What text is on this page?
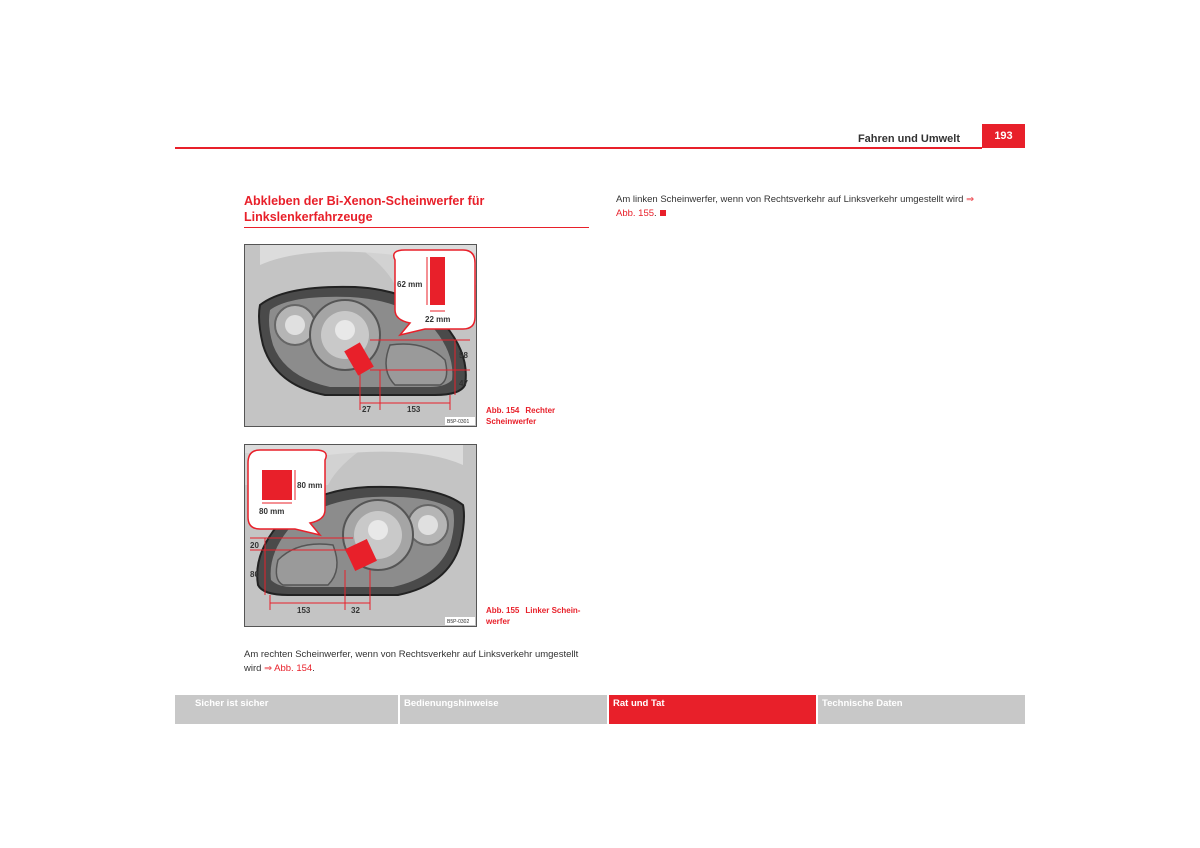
Fahren und Umwelt	193
Abkleben der Bi-Xenon-Scheinwerfer für Linkslenkerfahrzeuge
62 mm
22 mm
58
47
27	153
B5P-0301
Abb. 154 Rechter Scheinwerfer
80 mm
80 mm
20
80
153	32
B5P-0302
Abb. 155 Linker Schein-werfer
Am rechten Scheinwerfer, wenn von Rechtsverkehr auf Linksverkehr umgestellt wird ⇒ Abb. 154.
Am linken Scheinwerfer, wenn von Rechtsverkehr auf Linksverkehr umgestellt wird ⇒ Abb. 155.
Sicher ist sicher	Bedienungshinweise	Rat und Tat	Technische Daten
